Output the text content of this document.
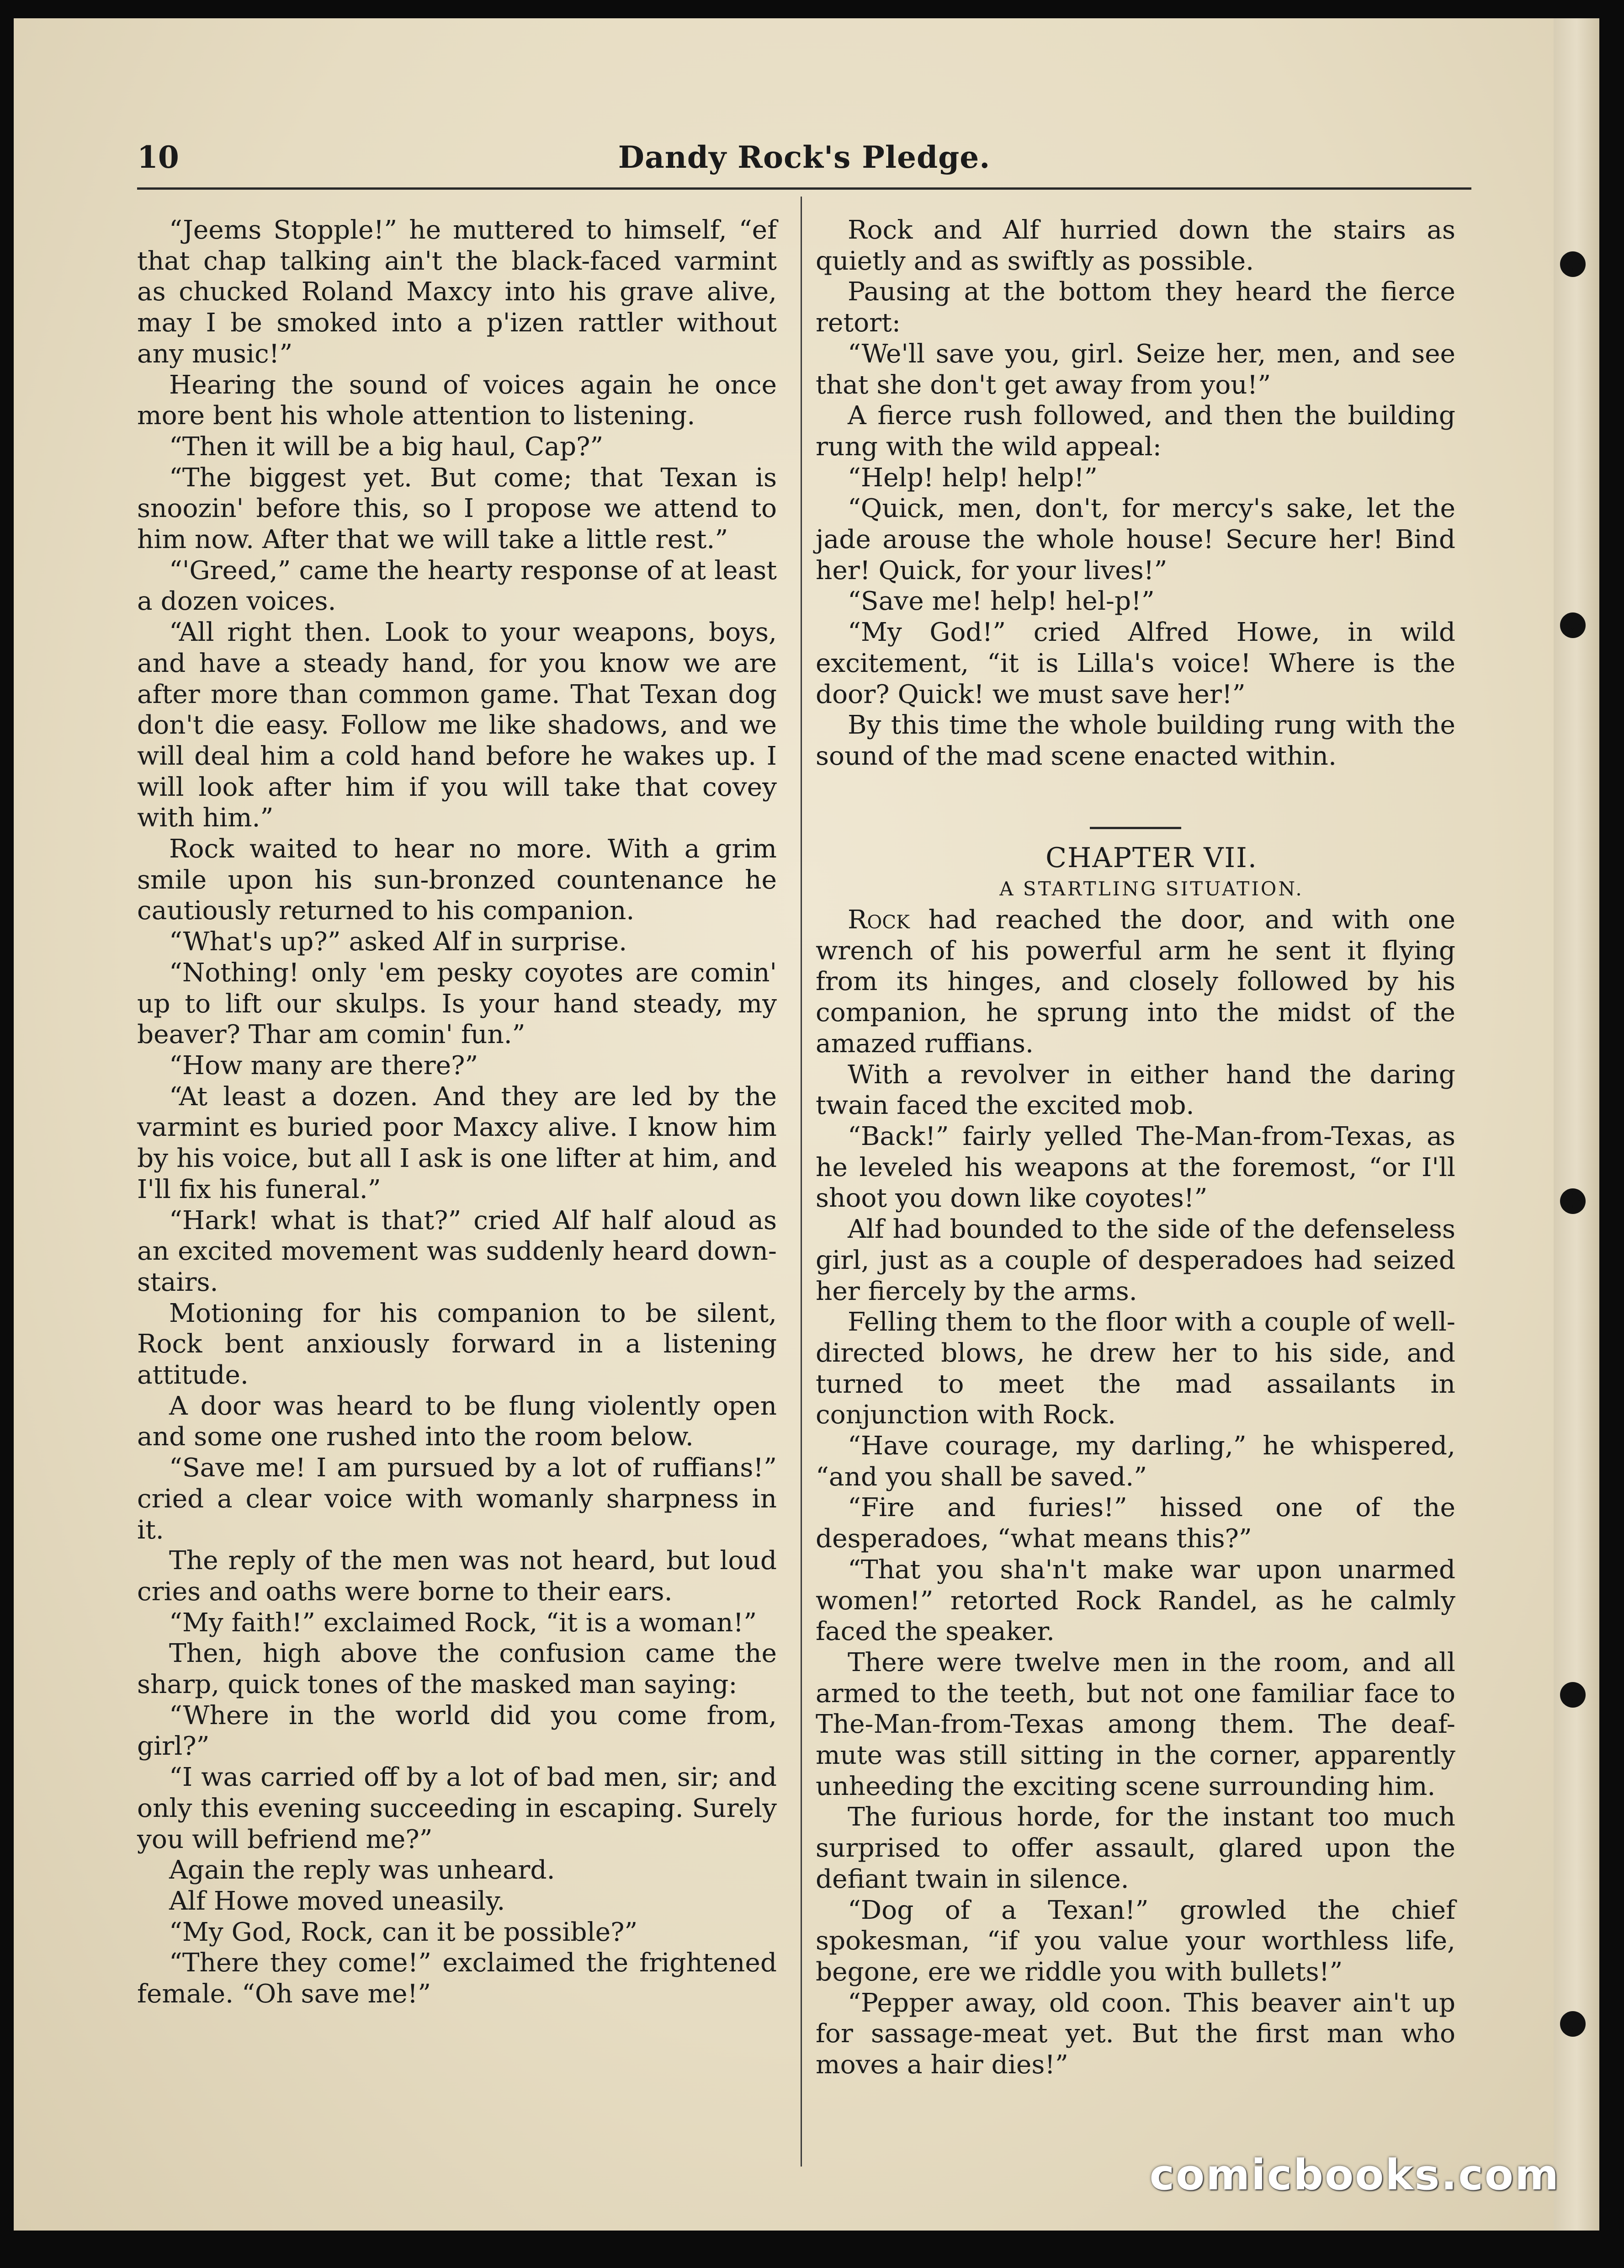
✦
✦
✦
✦
✦
10	Dandy Rock's Pledge.

“Jeems Stopple!” he muttered to himself, “ef that chap talking ain't the black-faced varmint as chucked Roland Maxcy into his grave alive, may I be smoked into a p'izen rattler without any music!”

Hearing the sound of voices again he once more bent his whole attention to listening.

“Then it will be a big haul, Cap?”

“The biggest yet. But come; that Texan is snoozin' before this, so I propose we attend to him now. After that we will take a little rest.”

“'Greed,” came the hearty response of at least a dozen voices.

“All right then. Look to your weapons, boys, and have a steady hand, for you know we are after more than common game. That Texan dog don't die easy. Follow me like shadows, and we will deal him a cold hand before he wakes up. I will look after him if you will take that covey with him.”

Rock waited to hear no more. With a grim smile upon his sun-bronzed countenance he cautiously returned to his companion.

“What's up?” asked Alf in surprise.

“Nothing! only 'em pesky coyotes are comin' up to lift our skulps. Is your hand steady, my beaver? Thar am comin' fun.”

“How many are there?”

“At least a dozen. And they are led by the varmint es buried poor Maxcy alive. I know him by his voice, but all I ask is one lifter at him, and I'll fix his funeral.”

“Hark! what is that?” cried Alf half aloud as an excited movement was suddenly heard down-stairs.

Motioning for his companion to be silent, Rock bent anxiously forward in a listening attitude.

A door was heard to be flung violently open and some one rushed into the room below.

“Save me! I am pursued by a lot of ruffians!” cried a clear voice with womanly sharpness in it.

The reply of the men was not heard, but loud cries and oaths were borne to their ears.

“My faith!” exclaimed Rock, “it is a woman!”

Then, high above the confusion came the sharp, quick tones of the masked man saying:

“Where in the world did you come from, girl?”

“I was carried off by a lot of bad men, sir; and only this evening succeeding in escaping. Surely you will befriend me?”

Again the reply was unheard.

Alf Howe moved uneasily.

“My God, Rock, can it be possible?”

“There they come!” exclaimed the frightened female. “Oh save me!”

Rock and Alf hurried down the stairs as quietly and as swiftly as possible.

Pausing at the bottom they heard the fierce retort:

“We'll save you, girl. Seize her, men, and see that she don't get away from you!”

A fierce rush followed, and then the building rung with the wild appeal:

“Help! help! help!”

“Quick, men, don't, for mercy's sake, let the jade arouse the whole house! Secure her! Bind her! Quick, for your lives!”

“Save me! help! hel-p!”

“My God!” cried Alfred Howe, in wild excitement, “it is Lilla's voice! Where is the door? Quick! we must save her!”

By this time the whole building rung with the sound of the mad scene enacted within.

CHAPTER VII.

A STARTLING SITUATION.

Rock had reached the door, and with one wrench of his powerful arm he sent it flying from its hinges, and closely followed by his companion, he sprung into the midst of the amazed ruffians.

With a revolver in either hand the daring twain faced the excited mob.

“Back!” fairly yelled The-Man-from-Texas, as he leveled his weapons at the foremost, “or I'll shoot you down like coyotes!”

Alf had bounded to the side of the defenseless girl, just as a couple of desperadoes had seized her fiercely by the arms.

Felling them to the floor with a couple of well-directed blows, he drew her to his side, and turned to meet the mad assailants in conjunction with Rock.

“Have courage, my darling,” he whispered, “and you shall be saved.”

“Fire and furies!” hissed one of the desperadoes, “what means this?”

“That you sha'n't make war upon unarmed women!” retorted Rock Randel, as he calmly faced the speaker.

There were twelve men in the room, and all armed to the teeth, but not one familiar face to The-Man-from-Texas among them. The deaf-mute was still sitting in the corner, apparently unheeding the exciting scene surrounding him.

The furious horde, for the instant too much surprised to offer assault, glared upon the defiant twain in silence.

“Dog of a Texan!” growled the chief spokesman, “if you value your worthless life, begone, ere we riddle you with bullets!”

“Pepper away, old coon. This beaver ain't up for sassage-meat yet. But the first man who moves a hair dies!”

comicbooks.com
